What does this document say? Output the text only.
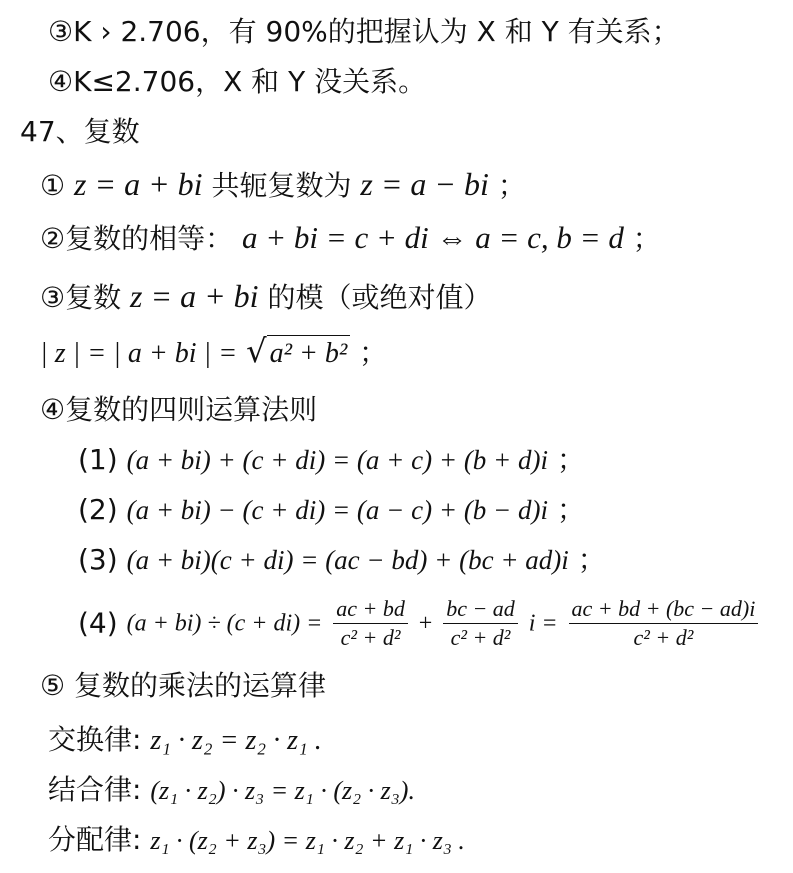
③K › 2.706，有 90%的把握认为 X 和 Y 有关系；
④K≤2.706，X 和 Y 没关系。
47、复数
① z = a + bi 共轭复数为 z = a − bi ；
②复数的相等： a + bi = c + di ⇔ a = c, b = d ；
③复数 z = a + bi 的模（或绝对值）
| z | = | a + bi | = √ a² + b² ；
④复数的四则运算法则
(1) (a + bi) + (c + di) = (a + c) + (b + d)i ；
(2) (a + bi) − (c + di) = (a − c) + (b − d)i ；
(3) (a + bi)(c + di) = (ac − bd) + (bc + ad)i ；
(4) $(a + bi) \div (c + di) = \frac{ac + bd}{\text{c² + d²}} + \frac{bc - ad}{\text{c² + d²}}$ $i = \frac{ac + bd + (bc - ad)i}{\text{c² + d²}}$
⑤ 复数的乘法的运算律
交换律: z₁ · z₂ = z₂ · z₁ .
结合律: (z₁ · z₂) · z₃ = z₁ · (z₂ · z₃).
分配律: z₁ · (z₂ + z₃) = z₁ · z₂ + z₁ · z₃ .
